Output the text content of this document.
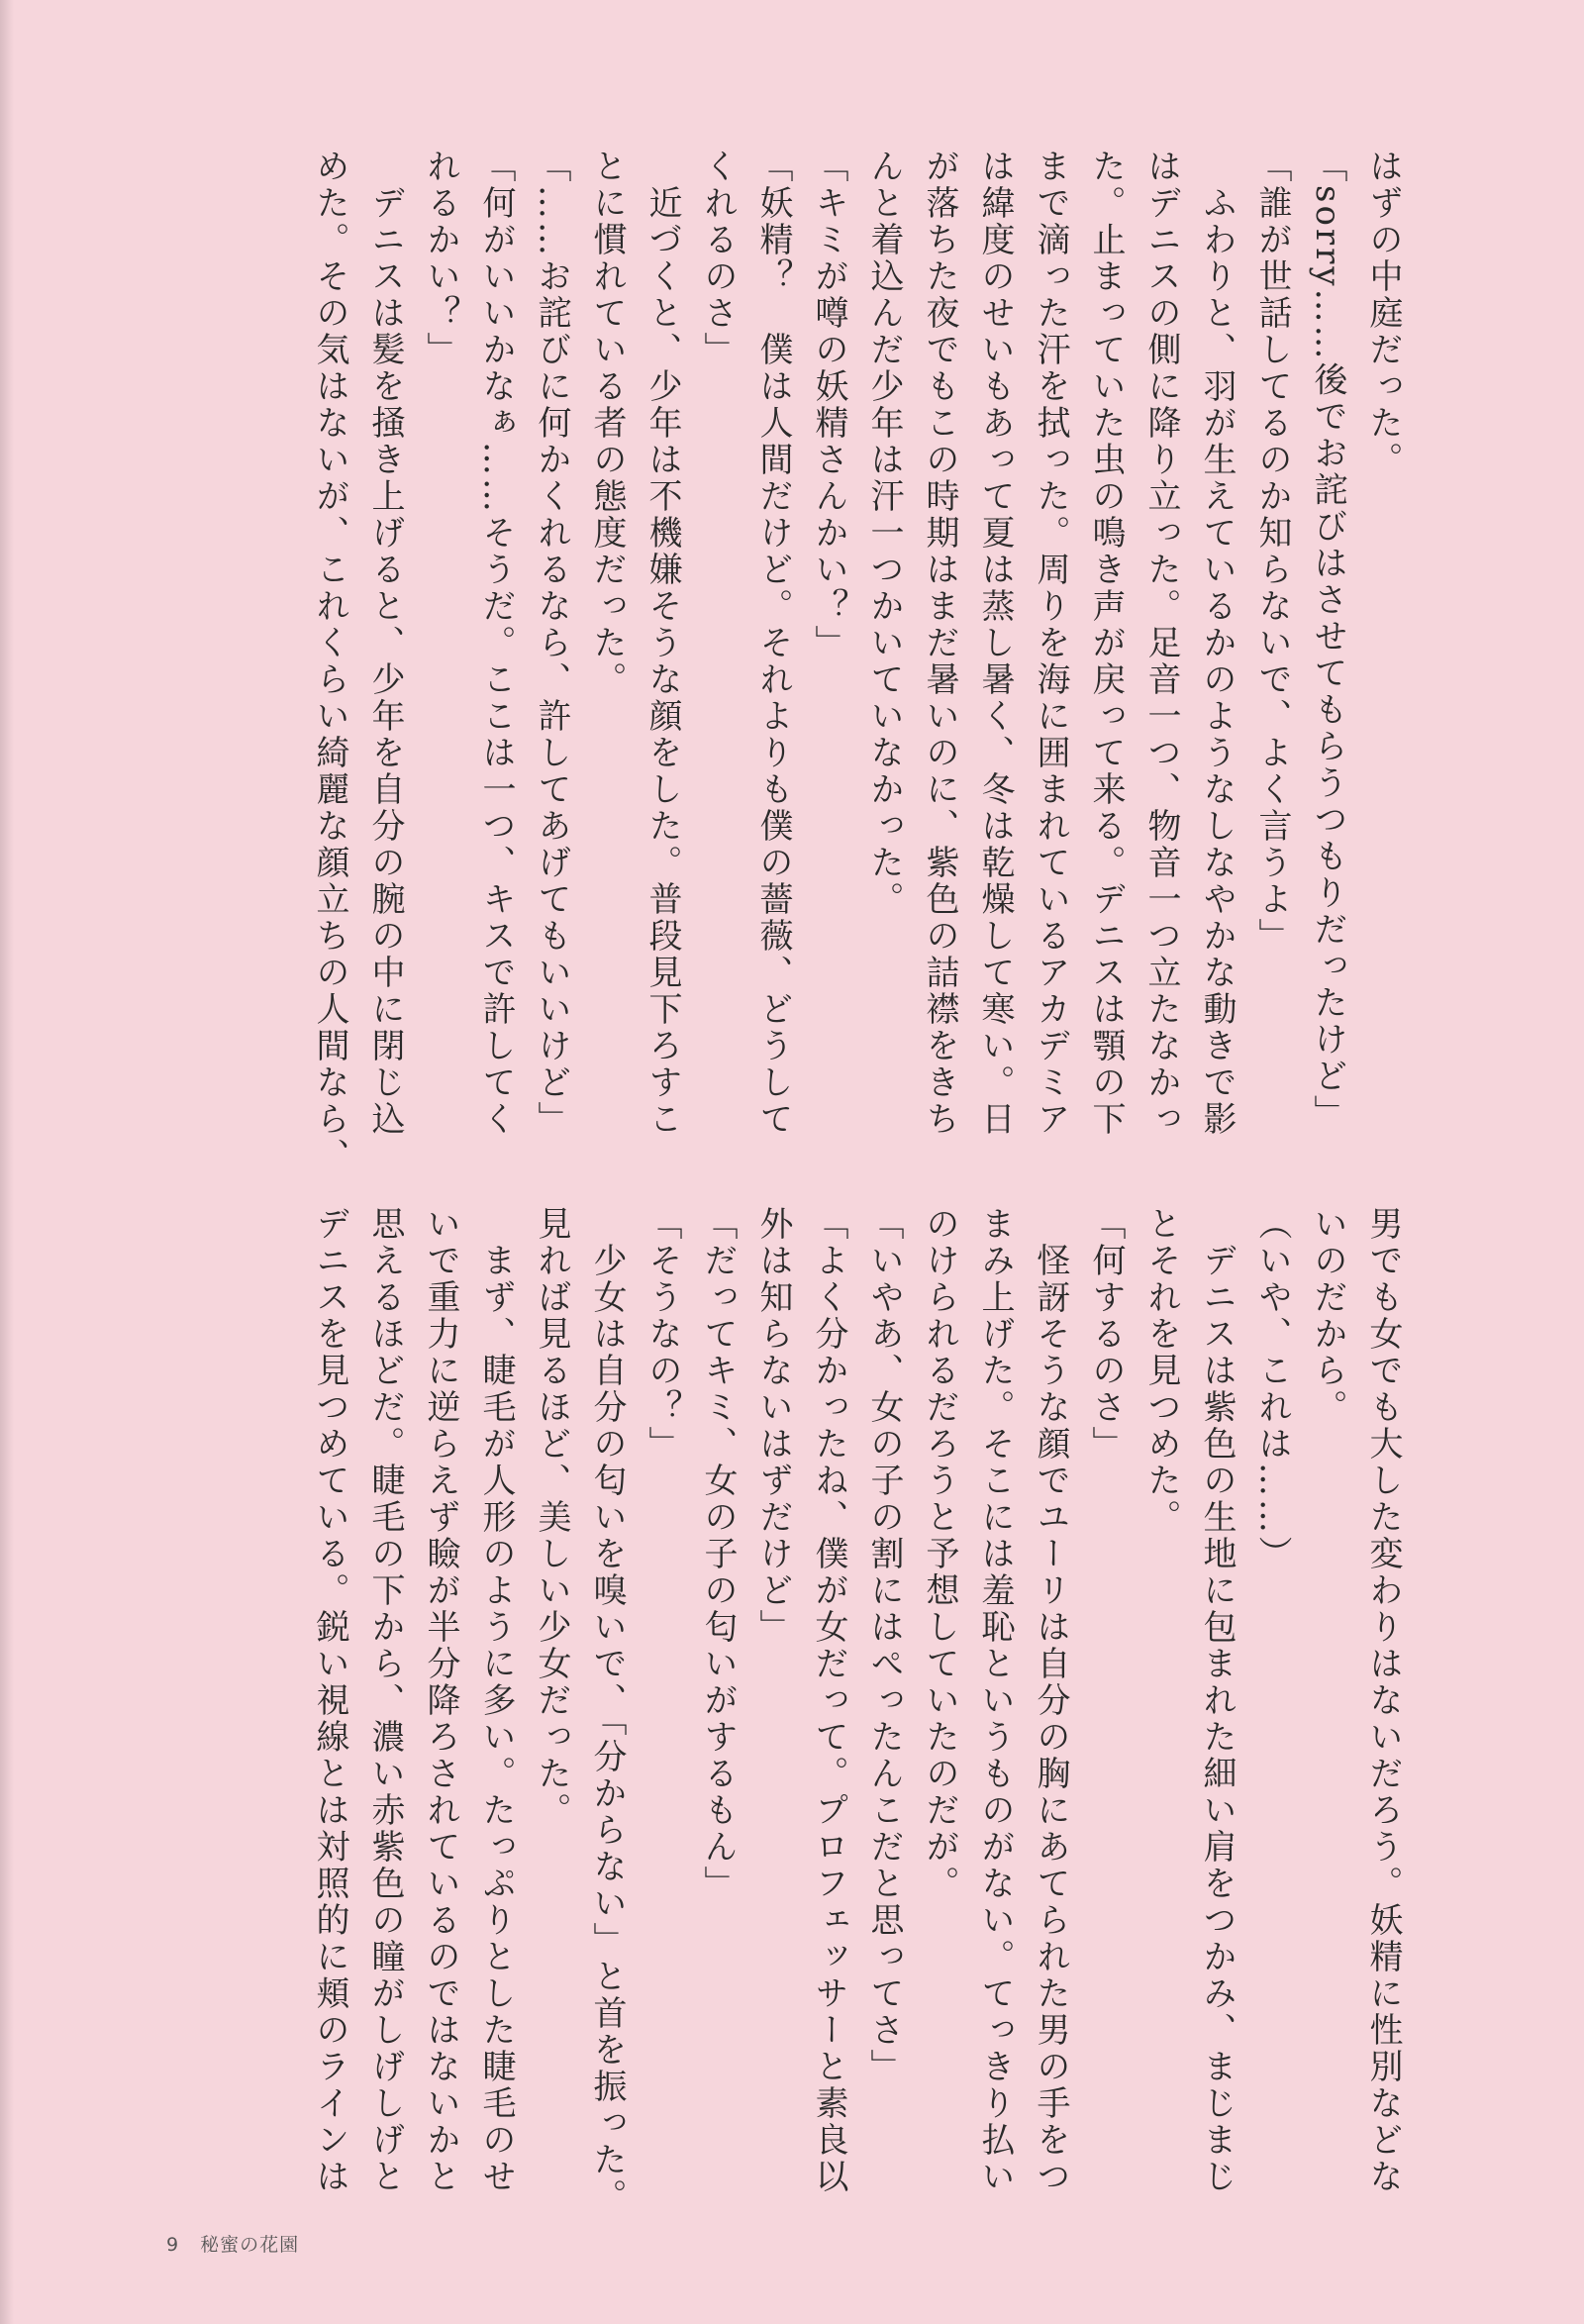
はずの中庭だった。
「sorry……後でお詫びはさせてもらうつもりだったけど」
「誰が世話してるのか知らないで、よく言うよ」
　ふわりと、羽が生えているかのようなしなやかな動きで影
はデニスの側に降り立った。足音一つ、物音一つ立たなかっ
た。止まっていた虫の鳴き声が戻って来る。デニスは顎の下
まで滴った汗を拭った。周りを海に囲まれているアカデミア
は緯度のせいもあって夏は蒸し暑く、冬は乾燥して寒い。日
が落ちた夜でもこの時期はまだ暑いのに、紫色の詰襟をきち
んと着込んだ少年は汗一つかいていなかった。
「キミが噂の妖精さんかい？」
「妖精？　僕は人間だけど。それよりも僕の薔薇、どうして
くれるのさ」
　近づくと、少年は不機嫌そうな顔をした。普段見下ろすこ
とに慣れている者の態度だった。
「……お詫びに何かくれるなら、許してあげてもいいけど」
「何がいいかなぁ……そうだ。ここは一つ、キスで許してく
れるかい？」
　デニスは髪を掻き上げると、少年を自分の腕の中に閉じ込
めた。その気はないが、これくらい綺麗な顔立ちの人間なら、
男でも女でも大した変わりはないだろう。妖精に性別などな
いのだから。
（いや、これは……）
　デニスは紫色の生地に包まれた細い肩をつかみ、まじまじ
とそれを見つめた。
「何するのさ」
　怪訝そうな顔でユーリは自分の胸にあてられた男の手をつ
まみ上げた。そこには羞恥というものがない。てっきり払い
のけられるだろうと予想していたのだが。
「いやあ、女の子の割にはぺったんこだと思ってさ」
「よく分かったね、僕が女だって。プロフェッサーと素良以
外は知らないはずだけど」
「だってキミ、女の子の匂いがするもん」
「そうなの？」
　少女は自分の匂いを嗅いで、「分からない」と首を振った。
見れば見るほど、美しい少女だった。
　まず、睫毛が人形のように多い。たっぷりとした睫毛のせ
いで重力に逆らえず瞼が半分降ろされているのではないかと
思えるほどだ。睫毛の下から、濃い赤紫色の瞳がしげしげと
デニスを見つめている。鋭い視線とは対照的に頬のラインは
9 秘蜜の花園
